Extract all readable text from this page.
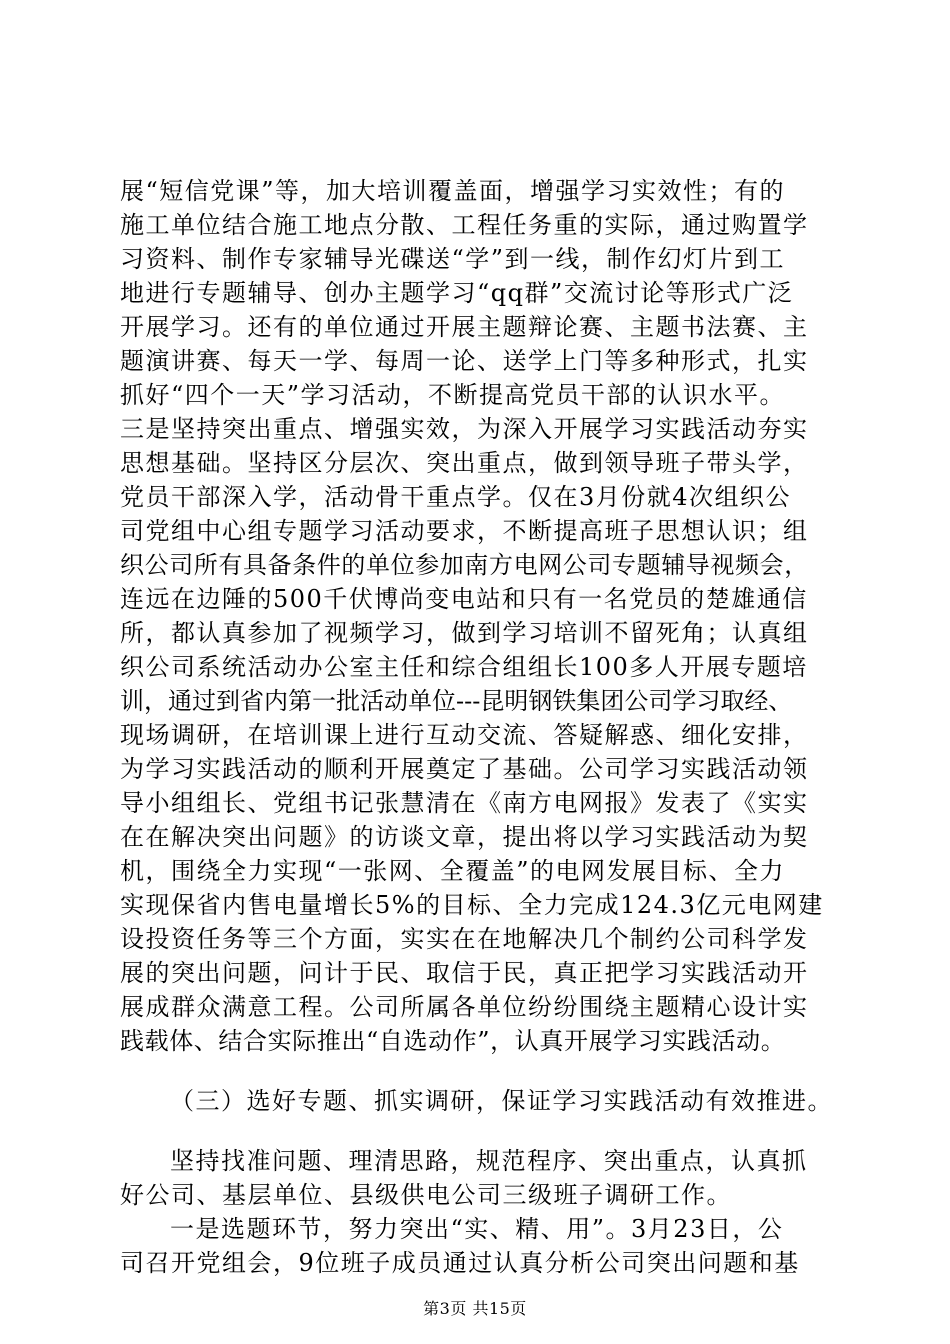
展“短信党课”等，加大培训覆盖面，增强学习实效性；有的
施工单位结合施工地点分散、工程任务重的实际，通过购置学
习资料、制作专家辅导光碟送“学”到一线，制作幻灯片到工
地进行专题辅导、创办主题学习“qq群”交流讨论等形式广泛
开展学习。还有的单位通过开展主题辩论赛、主题书法赛、主
题演讲赛、每天一学、每周一论、送学上门等多种形式，扎实
抓好“四个一天”学习活动，不断提高党员干部的认识水平。
三是坚持突出重点、增强实效，为深入开展学习实践活动夯实
思想基础。坚持区分层次、突出重点，做到领导班子带头学，
党员干部深入学，活动骨干重点学。仅在3月份就4次组织公
司党组中心组专题学习活动要求，不断提高班子思想认识；组
织公司所有具备条件的单位参加南方电网公司专题辅导视频会，
连远在边陲的500千伏博尚变电站和只有一名党员的楚雄通信
所，都认真参加了视频学习，做到学习培训不留死角；认真组
织公司系统活动办公室主任和综合组组长100多人开展专题培
训，通过到省内第一批活动单位---昆明钢铁集团公司学习取经、
现场调研，在培训课上进行互动交流、答疑解惑、细化安排，
为学习实践活动的顺利开展奠定了基础。公司学习实践活动领
导小组组长、党组书记张慧清在《南方电网报》发表了《实实
在在解决突出问题》的访谈文章，提出将以学习实践活动为契
机，围绕全力实现“一张网、全覆盖”的电网发展目标、全力
实现保省内售电量增长5%的目标、全力完成124.3亿元电网建
设投资任务等三个方面，实实在在地解决几个制约公司科学发
展的突出问题，问计于民、取信于民，真正把学习实践活动开
展成群众满意工程。公司所属各单位纷纷围绕主题精心设计实
践载体、结合实际推出“自选动作”，认真开展学习实践活动。
（三）选好专题、抓实调研，保证学习实践活动有效推进。
坚持找准问题、理清思路，规范程序、突出重点，认真抓
好公司、基层单位、县级供电公司三级班子调研工作。
一是选题环节，努力突出“实、精、用”。3月23日，公
司召开党组会，9位班子成员通过认真分析公司突出问题和基
第3页 共15页
